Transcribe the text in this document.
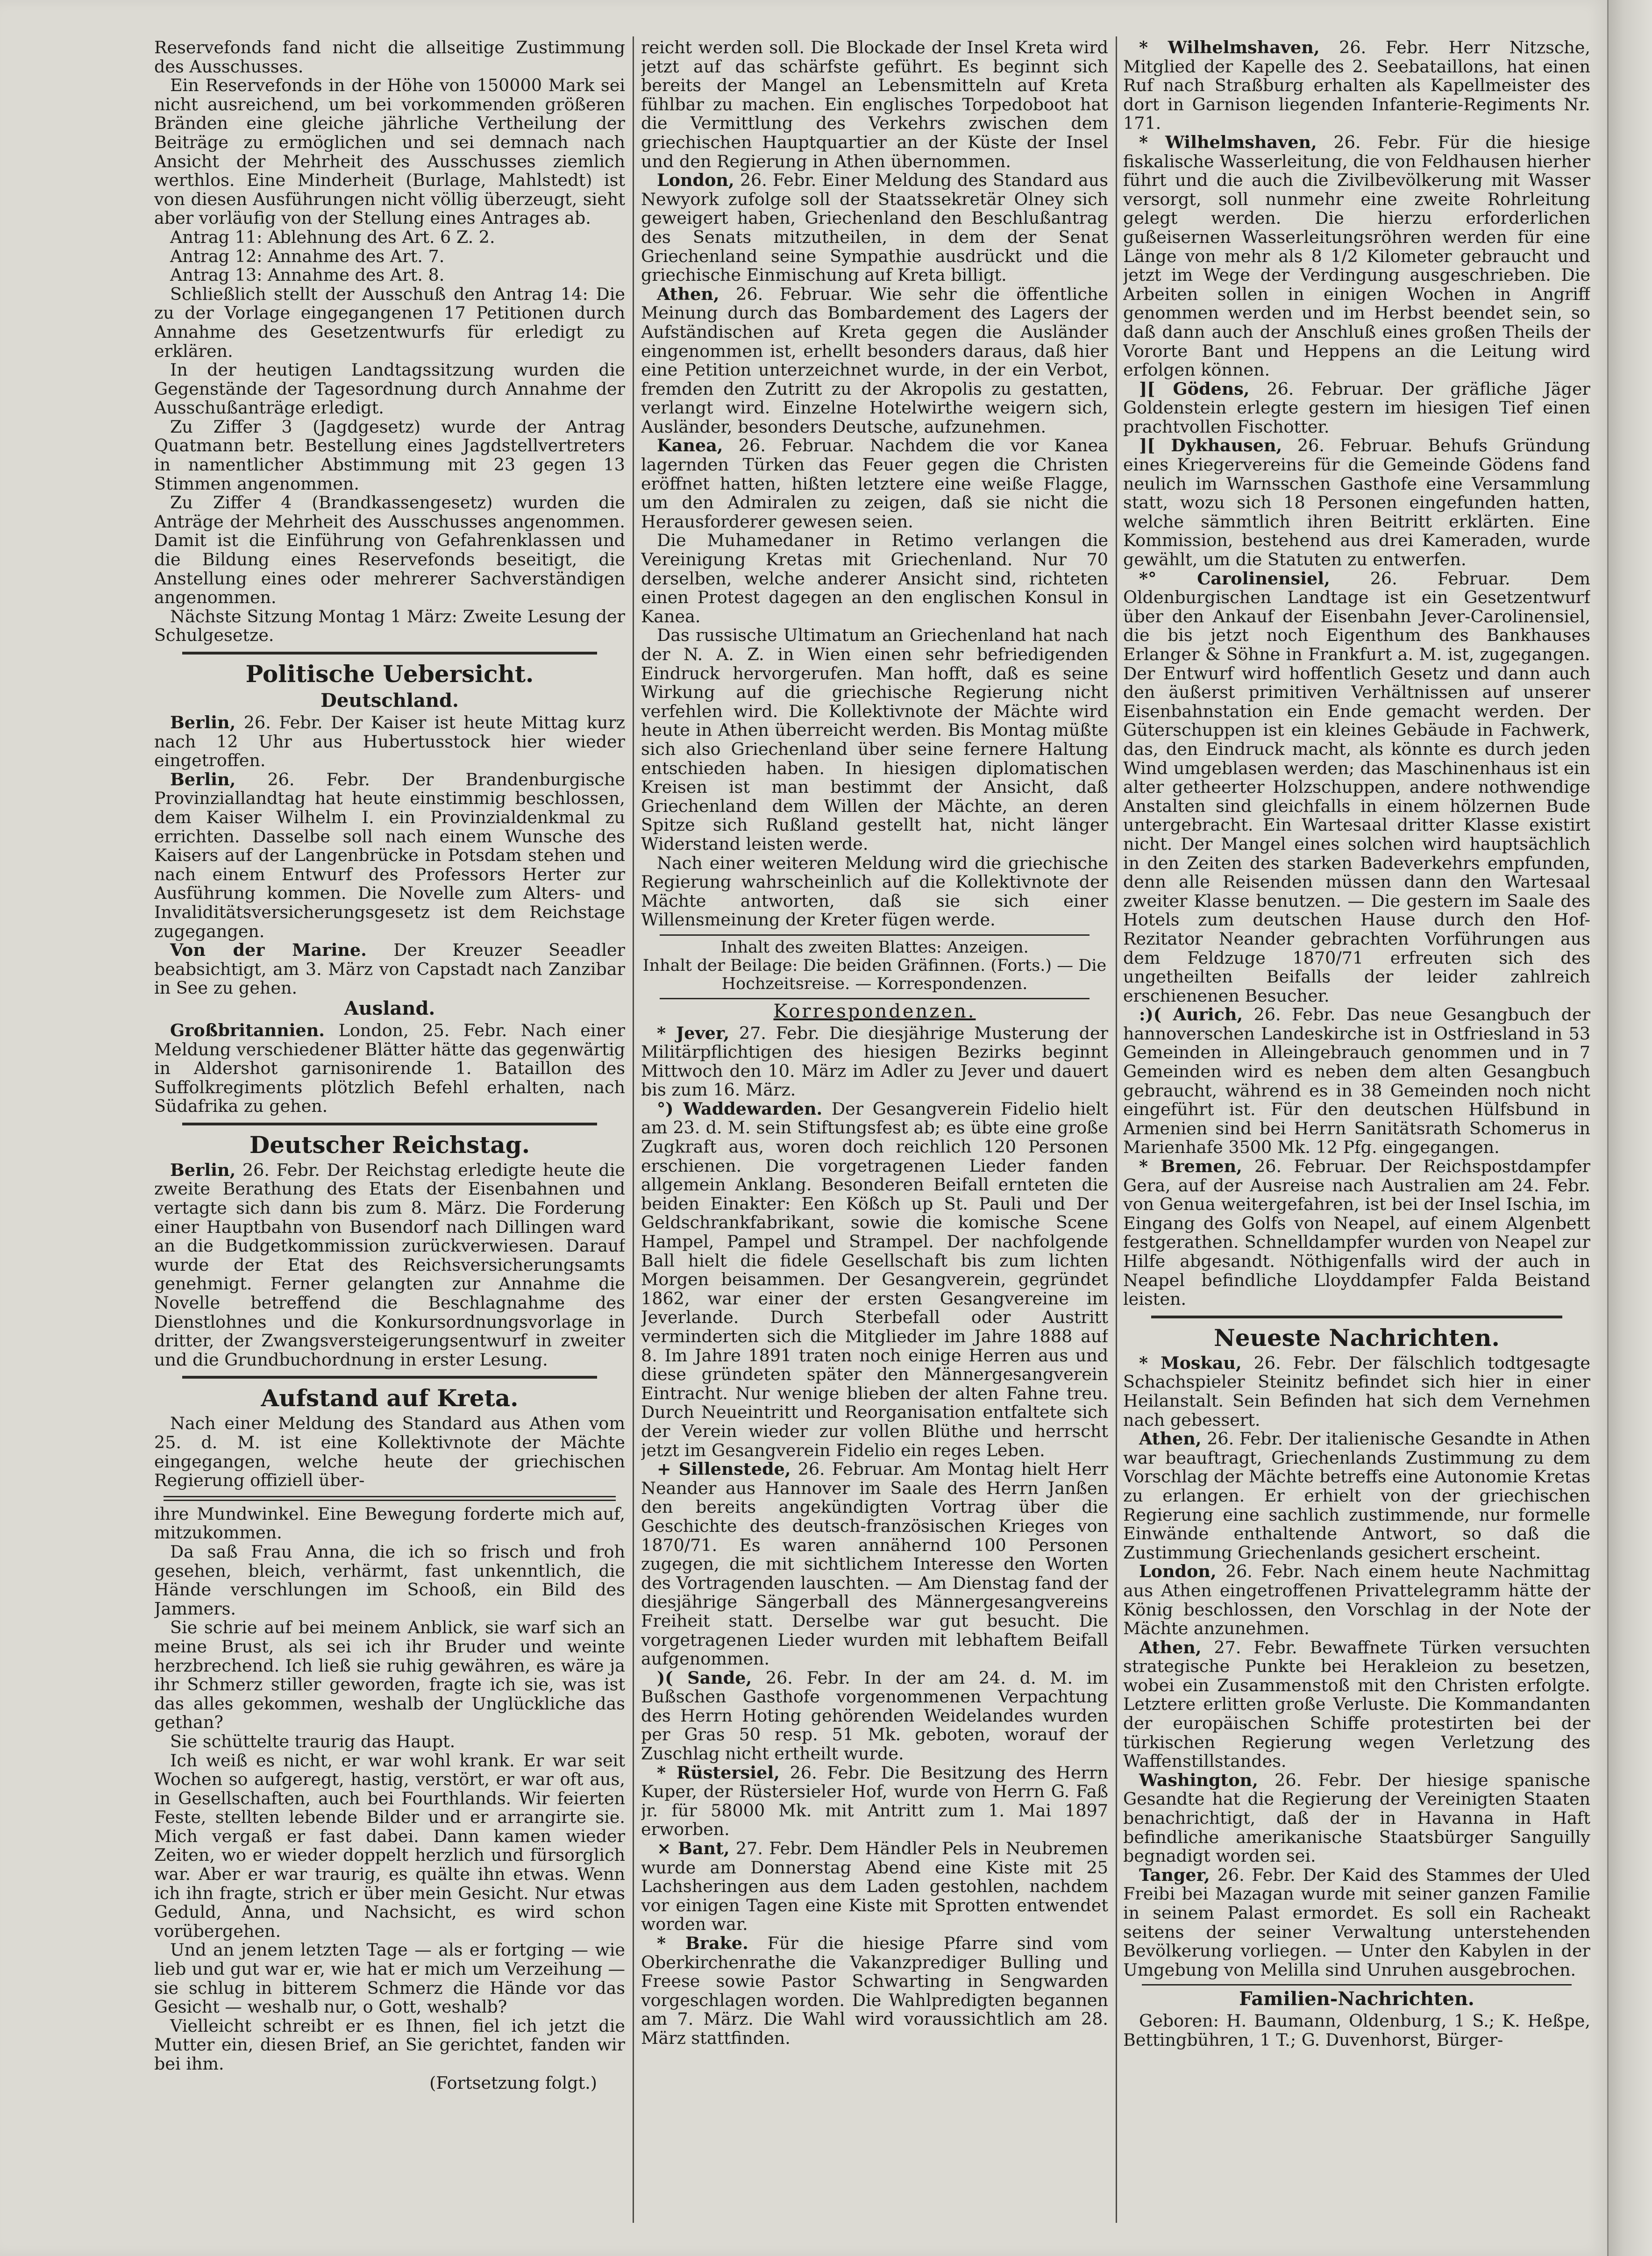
Reservefonds fand nicht die allseitige Zustimmung des Ausschusses.

Ein Reservefonds in der Höhe von 150000 Mark sei nicht ausreichend, um bei vorkommenden größeren Bränden eine gleiche jährliche Vertheilung der Beiträge zu ermöglichen und sei demnach nach Ansicht der Mehrheit des Ausschusses ziemlich werthlos. Eine Minderheit (Burlage, Mahlstedt) ist von diesen Ausführungen nicht völlig überzeugt, sieht aber vorläufig von der Stellung eines Antrages ab.

Antrag 11: Ablehnung des Art. 6 Z. 2.

Antrag 12: Annahme des Art. 7.

Antrag 13: Annahme des Art. 8.

Schließlich stellt der Ausschuß den Antrag 14: Die zu der Vorlage eingegangenen 17 Petitionen durch Annahme des Gesetzentwurfs für erledigt zu erklären.

In der heutigen Landtagssitzung wurden die Gegenstände der Tagesordnung durch Annahme der Ausschußanträge erledigt.

Zu Ziffer 3 (Jagdgesetz) wurde der Antrag Quatmann betr. Bestellung eines Jagdstellvertreters in namentlicher Abstimmung mit 23 gegen 13 Stimmen angenommen.

Zu Ziffer 4 (Brandkassengesetz) wurden die Anträge der Mehrheit des Ausschusses angenommen. Damit ist die Einführung von Gefahrenklassen und die Bildung eines Reservefonds beseitigt, die Anstellung eines oder mehrerer Sachverständigen angenommen.

Nächste Sitzung Montag 1 März: Zweite Lesung der Schulgesetze.

Politische Uebersicht.
Deutschland.

Berlin, 26. Febr. Der Kaiser ist heute Mittag kurz nach 12 Uhr aus Hubertusstock hier wieder eingetroffen.

Berlin, 26. Febr. Der Brandenburgische Provinziallandtag hat heute einstimmig beschlossen, dem Kaiser Wilhelm I. ein Provinzialdenkmal zu errichten. Dasselbe soll nach einem Wunsche des Kaisers auf der Langenbrücke in Potsdam stehen und nach einem Entwurf des Professors Herter zur Ausführung kommen. Die Novelle zum Alters- und Invaliditätsversicherungsgesetz ist dem Reichstage zugegangen.

Von der Marine. Der Kreuzer Seeadler beabsichtigt, am 3. März von Capstadt nach Zanzibar in See zu gehen.

Ausland.

Großbritannien. London, 25. Febr. Nach einer Meldung verschiedener Blätter hätte das gegenwärtig in Aldershot garnisonirende 1. Bataillon des Suffolkregiments plötzlich Befehl erhalten, nach Südafrika zu gehen.

Deutscher Reichstag.

Berlin, 26. Febr. Der Reichstag erledigte heute die zweite Berathung des Etats der Eisenbahnen und vertagte sich dann bis zum 8. März. Die Forderung einer Hauptbahn von Busendorf nach Dillingen ward an die Budgetkommission zurückverwiesen. Darauf wurde der Etat des Reichsversicherungsamts genehmigt. Ferner gelangten zur Annahme die Novelle betreffend die Beschlagnahme des Dienstlohnes und die Konkursordnungsvorlage in dritter, der Zwangsversteigerungsentwurf in zweiter und die Grundbuchordnung in erster Lesung.

Aufstand auf Kreta.

Nach einer Meldung des Standard aus Athen vom 25. d. M. ist eine Kollektivnote der Mächte eingegangen, welche heute der griechischen Regierung offiziell über-

ihre Mundwinkel. Eine Bewegung forderte mich auf, mitzukommen.

Da saß Frau Anna, die ich so frisch und froh gesehen, bleich, verhärmt, fast unkenntlich, die Hände verschlungen im Schooß, ein Bild des Jammers.

Sie schrie auf bei meinem Anblick, sie warf sich an meine Brust, als sei ich ihr Bruder und weinte herzbrechend. Ich ließ sie ruhig gewähren, es wäre ja ihr Schmerz stiller geworden, fragte ich sie, was ist das alles gekommen, weshalb der Unglückliche das gethan?

Sie schüttelte traurig das Haupt.

Ich weiß es nicht, er war wohl krank. Er war seit Wochen so aufgeregt, hastig, verstört, er war oft aus, in Gesellschaften, auch bei Fourthlands. Wir feierten Feste, stellten lebende Bilder und er arrangirte sie. Mich vergaß er fast dabei. Dann kamen wieder Zeiten, wo er wieder doppelt herzlich und fürsorglich war. Aber er war traurig, es quälte ihn etwas. Wenn ich ihn fragte, strich er über mein Gesicht. Nur etwas Geduld, Anna, und Nachsicht, es wird schon vorübergehen.

Und an jenem letzten Tage — als er fortging — wie lieb und gut war er, wie hat er mich um Verzeihung — sie schlug in bitterem Schmerz die Hände vor das Gesicht — weshalb nur, o Gott, weshalb?

Vielleicht schreibt er es Ihnen, fiel ich jetzt die Mutter ein, diesen Brief, an Sie gerichtet, fanden wir bei ihm.

(Fortsetzung folgt.)

reicht werden soll. Die Blockade der Insel Kreta wird jetzt auf das schärfste geführt. Es beginnt sich bereits der Mangel an Lebensmitteln auf Kreta fühlbar zu machen. Ein englisches Torpedoboot hat die Vermittlung des Verkehrs zwischen dem griechischen Hauptquartier an der Küste der Insel und den Regierung in Athen übernommen.

London, 26. Febr. Einer Meldung des Standard aus Newyork zufolge soll der Staatssekretär Olney sich geweigert haben, Griechenland den Beschlußantrag des Senats mitzutheilen, in dem der Senat Griechenland seine Sympathie ausdrückt und die griechische Einmischung auf Kreta billigt.

Athen, 26. Februar. Wie sehr die öffentliche Meinung durch das Bombardement des Lagers der Aufständischen auf Kreta gegen die Ausländer eingenommen ist, erhellt besonders daraus, daß hier eine Petition unterzeichnet wurde, in der ein Verbot, fremden den Zutritt zu der Akropolis zu gestatten, verlangt wird. Einzelne Hotelwirthe weigern sich, Ausländer, besonders Deutsche, aufzunehmen.

Kanea, 26. Februar. Nachdem die vor Kanea lagernden Türken das Feuer gegen die Christen eröffnet hatten, hißten letztere eine weiße Flagge, um den Admiralen zu zeigen, daß sie nicht die Herausforderer gewesen seien.

Die Muhamedaner in Retimo verlangen die Vereinigung Kretas mit Griechenland. Nur 70 derselben, welche anderer Ansicht sind, richteten einen Protest dagegen an den englischen Konsul in Kanea.

Das russische Ultimatum an Griechenland hat nach der N. A. Z. in Wien einen sehr befriedigenden Eindruck hervorgerufen. Man hofft, daß es seine Wirkung auf die griechische Regierung nicht verfehlen wird. Die Kollektivnote der Mächte wird heute in Athen überreicht werden. Bis Montag müßte sich also Griechenland über seine fernere Haltung entschieden haben. In hiesigen diplomatischen Kreisen ist man bestimmt der Ansicht, daß Griechenland dem Willen der Mächte, an deren Spitze sich Rußland gestellt hat, nicht länger Widerstand leisten werde.

Nach einer weiteren Meldung wird die griechische Regierung wahrscheinlich auf die Kollektivnote der Mächte antworten, daß sie sich einer Willensmeinung der Kreter fügen werde.

Inhalt des zweiten Blattes: Anzeigen.

Inhalt der Beilage: Die beiden Gräfinnen. (Forts.) — Die Hochzeitsreise. — Korrespondenzen.

Korrespondenzen.

* Jever, 27. Febr. Die diesjährige Musterung der Militärpflichtigen des hiesigen Bezirks beginnt Mittwoch den 10. März im Adler zu Jever und dauert bis zum 16. März.

°) Waddewarden. Der Gesangverein Fidelio hielt am 23. d. M. sein Stiftungsfest ab; es übte eine große Zugkraft aus, woren doch reichlich 120 Personen erschienen. Die vorgetragenen Lieder fanden allgemein Anklang. Besonderen Beifall ernteten die beiden Einakter: Een Kößch up St. Pauli und Der Geldschrankfabrikant, sowie die komische Scene Hampel, Pampel und Strampel. Der nachfolgende Ball hielt die fidele Gesellschaft bis zum lichten Morgen beisammen. Der Gesangverein, gegründet 1862, war einer der ersten Gesangvereine im Jeverlande. Durch Sterbefall oder Austritt verminderten sich die Mitglieder im Jahre 1888 auf 8. Im Jahre 1891 traten noch einige Herren aus und diese gründeten später den Männergesangverein Eintracht. Nur wenige blieben der alten Fahne treu. Durch Neueintritt und Reorganisation entfaltete sich der Verein wieder zur vollen Blüthe und herrscht jetzt im Gesangverein Fidelio ein reges Leben.

+ Sillenstede, 26. Februar. Am Montag hielt Herr Neander aus Hannover im Saale des Herrn Janßen den bereits angekündigten Vortrag über die Geschichte des deutsch-französischen Krieges von 1870/71. Es waren annähernd 100 Personen zugegen, die mit sichtlichem Interesse den Worten des Vortragenden lauschten. — Am Dienstag fand der diesjährige Sängerball des Männergesangvereins Freiheit statt. Derselbe war gut besucht. Die vorgetragenen Lieder wurden mit lebhaftem Beifall aufgenommen.

)( Sande, 26. Febr. In der am 24. d. M. im Bußschen Gasthofe vorgenommenen Verpachtung des Herrn Hoting gehörenden Weidelandes wurden per Gras 50 resp. 51 Mk. geboten, worauf der Zuschlag nicht ertheilt wurde.

* Rüstersiel, 26. Febr. Die Besitzung des Herrn Kuper, der Rüstersieler Hof, wurde von Herrn G. Faß jr. für 58000 Mk. mit Antritt zum 1. Mai 1897 erworben.

× Bant, 27. Febr. Dem Händler Pels in Neubremen wurde am Donnerstag Abend eine Kiste mit 25 Lachsheringen aus dem Laden gestohlen, nachdem vor einigen Tagen eine Kiste mit Sprotten entwendet worden war.

* Brake. Für die hiesige Pfarre sind vom Oberkirchenrathe die Vakanzprediger Bulling und Freese sowie Pastor Schwarting in Sengwarden vorgeschlagen worden. Die Wahlpredigten begannen am 7. März. Die Wahl wird voraussichtlich am 28. März stattfinden.

* Wilhelmshaven, 26. Febr. Herr Nitzsche, Mitglied der Kapelle des 2. Seebataillons, hat einen Ruf nach Straßburg erhalten als Kapellmeister des dort in Garnison liegenden Infanterie-Regiments Nr. 171.

* Wilhelmshaven, 26. Febr. Für die hiesige fiskalische Wasserleitung, die von Feldhausen hierher führt und die auch die Zivilbevölkerung mit Wasser versorgt, soll nunmehr eine zweite Rohrleitung gelegt werden. Die hierzu erforderlichen gußeisernen Wasserleitungsröhren werden für eine Länge von mehr als 8 1/2 Kilometer gebraucht und jetzt im Wege der Verdingung ausgeschrieben. Die Arbeiten sollen in einigen Wochen in Angriff genommen werden und im Herbst beendet sein, so daß dann auch der Anschluß eines großen Theils der Vororte Bant und Heppens an die Leitung wird erfolgen können.

][ Gödens, 26. Februar. Der gräfliche Jäger Goldenstein erlegte gestern im hiesigen Tief einen prachtvollen Fischotter.

][ Dykhausen, 26. Februar. Behufs Gründung eines Kriegervereins für die Gemeinde Gödens fand neulich im Warnsschen Gasthofe eine Versammlung statt, wozu sich 18 Personen eingefunden hatten, welche sämmtlich ihren Beitritt erklärten. Eine Kommission, bestehend aus drei Kameraden, wurde gewählt, um die Statuten zu entwerfen.

*° Carolinensiel, 26. Februar. Dem Oldenburgischen Landtage ist ein Gesetzentwurf über den Ankauf der Eisenbahn Jever-Carolinensiel, die bis jetzt noch Eigenthum des Bankhauses Erlanger & Söhne in Frankfurt a. M. ist, zugegangen. Der Entwurf wird hoffentlich Gesetz und dann auch den äußerst primitiven Verhältnissen auf unserer Eisenbahnstation ein Ende gemacht werden. Der Güterschuppen ist ein kleines Gebäude in Fachwerk, das, den Eindruck macht, als könnte es durch jeden Wind umgeblasen werden; das Maschinenhaus ist ein alter getheerter Holzschuppen, andere nothwendige Anstalten sind gleichfalls in einem hölzernen Bude untergebracht. Ein Wartesaal dritter Klasse existirt nicht. Der Mangel eines solchen wird hauptsächlich in den Zeiten des starken Badeverkehrs empfunden, denn alle Reisenden müssen dann den Wartesaal zweiter Klasse benutzen. — Die gestern im Saale des Hotels zum deutschen Hause durch den Hof-Rezitator Neander gebrachten Vorführungen aus dem Feldzuge 1870/71 erfreuten sich des ungetheilten Beifalls der leider zahlreich erschienenen Besucher.

:)( Aurich, 26. Febr. Das neue Gesangbuch der hannoverschen Landeskirche ist in Ostfriesland in 53 Gemeinden in Alleingebrauch genommen und in 7 Gemeinden wird es neben dem alten Gesangbuch gebraucht, während es in 38 Gemeinden noch nicht eingeführt ist. Für den deutschen Hülfsbund in Armenien sind bei Herrn Sanitätsrath Schomerus in Marienhafe 3500 Mk. 12 Pfg. eingegangen.

* Bremen, 26. Februar. Der Reichspostdampfer Gera, auf der Ausreise nach Australien am 24. Febr. von Genua weitergefahren, ist bei der Insel Ischia, im Eingang des Golfs von Neapel, auf einem Algenbett festgerathen. Schnelldampfer wurden von Neapel zur Hilfe abgesandt. Nöthigenfalls wird der auch in Neapel befindliche Lloyddampfer Falda Beistand leisten.

Neueste Nachrichten.

* Moskau, 26. Febr. Der fälschlich todtgesagte Schachspieler Steinitz befindet sich hier in einer Heilanstalt. Sein Befinden hat sich dem Vernehmen nach gebessert.

Athen, 26. Febr. Der italienische Gesandte in Athen war beauftragt, Griechenlands Zustimmung zu dem Vorschlag der Mächte betreffs eine Autonomie Kretas zu erlangen. Er erhielt von der griechischen Regierung eine sachlich zustimmende, nur formelle Einwände enthaltende Antwort, so daß die Zustimmung Griechenlands gesichert erscheint.

London, 26. Febr. Nach einem heute Nachmittag aus Athen eingetroffenen Privattelegramm hätte der König beschlossen, den Vorschlag in der Note der Mächte anzunehmen.

Athen, 27. Febr. Bewaffnete Türken versuchten strategische Punkte bei Herakleion zu besetzen, wobei ein Zusammenstoß mit den Christen erfolgte. Letztere erlitten große Verluste. Die Kommandanten der europäischen Schiffe protestirten bei der türkischen Regierung wegen Verletzung des Waffenstillstandes.

Washington, 26. Febr. Der hiesige spanische Gesandte hat die Regierung der Vereinigten Staaten benachrichtigt, daß der in Havanna in Haft befindliche amerikanische Staatsbürger Sanguilly begnadigt worden sei.

Tanger, 26. Febr. Der Kaid des Stammes der Uled Freibi bei Mazagan wurde mit seiner ganzen Familie in seinem Palast ermordet. Es soll ein Racheakt seitens der seiner Verwaltung unterstehenden Bevölkerung vorliegen. — Unter den Kabylen in der Umgebung von Melilla sind Unruhen ausgebrochen.

Familien-Nachrichten.

Geboren: H. Baumann, Oldenburg, 1 S.; K. Heßpe, Bettingbühren, 1 T.; G. Duvenhorst, Bürger-
